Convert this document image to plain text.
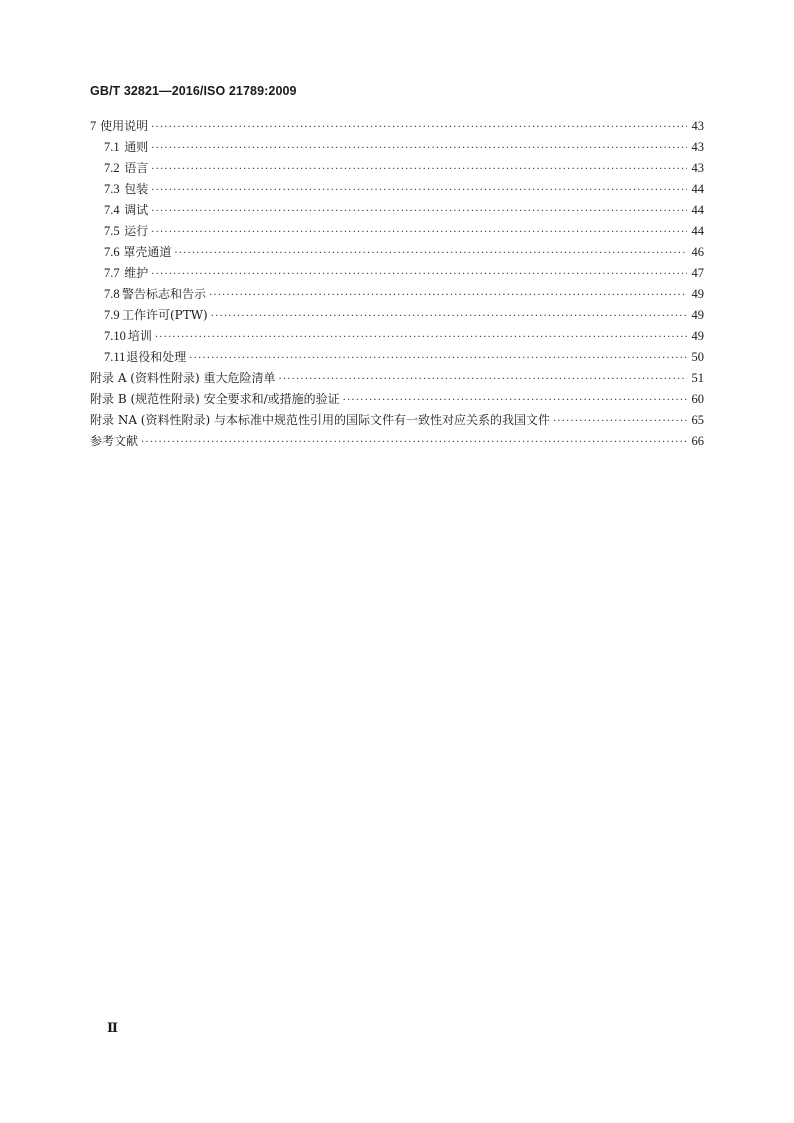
GB/T 32821—2016/ISO 21789:2009
7 使用说明 ·····	43
7.1 通则 ·····	43
7.2 语言 ·····	43
7.3 包装 ·····	44
7.4 调试 ·····	44
7.5 运行 ·····	44
7.6 罩壳通道 ·····	46
7.7 维护 ·····	47
7.8 警告标志和告示 ·····	49
7.9 工作许可(PTW) ·····	49
7.10 培训 ·····	49
7.11 退役和处理 ·····	50
附录 A (资料性附录) 重大危险清单 ·····	51
附录 B (规范性附录) 安全要求和/或措施的验证 ·····	60
附录 NA (资料性附录) 与本标准中规范性引用的国际文件有一致性对应关系的我国文件 ·····	65
参考文献 ·····	66
Ⅱ
